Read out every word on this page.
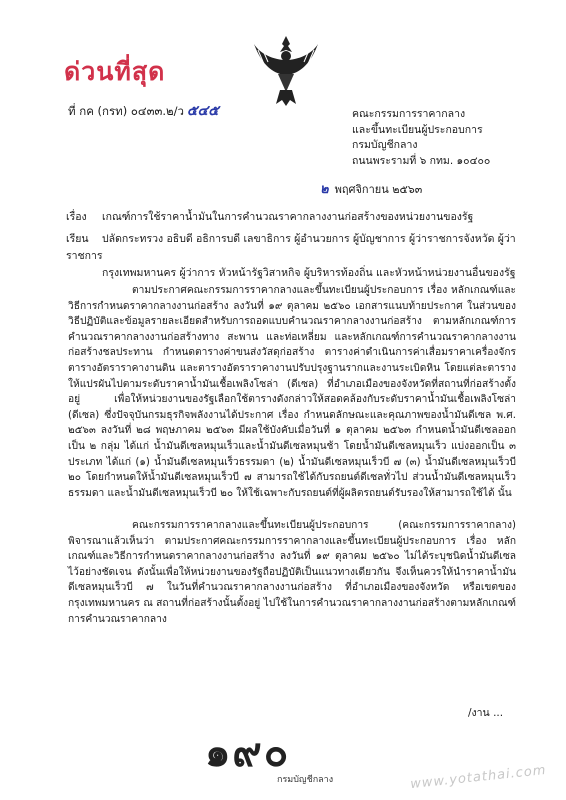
ด่วนที่สุด
ที่ กค (กรท) ๐๔๓๓.๒/ว ๕๔๕	คณะกรรมการราคากลาง
และขึ้นทะเบียนผู้ประกอบการ
กรมบัญชีกลาง
ถนนพระรามที่ ๖ กทม. ๑๐๔๐๐
๒ พฤศจิกายน ๒๕๖๓
เรื่อง เกณฑ์การใช้ราคาน้ำมันในการคำนวณราคากลางงานก่อสร้างของหน่วยงานของรัฐ
เรียน ปลัดกระทรวง อธิบดี อธิการบดี เลขาธิการ ผู้อำนวยการ ผู้บัญชาการ ผู้ว่าราชการจังหวัด ผู้ว่าราชการ
กรุงเทพมหานคร ผู้ว่าการ หัวหน้ารัฐวิสาหกิจ ผู้บริหารท้องถิ่น และหัวหน้าหน่วยงานอื่นของรัฐ

ตามประกาศคณะกรรมการราคากลางและขึ้นทะเบียนผู้ประกอบการ เรื่อง หลักเกณฑ์และวิธีการกำหนดราคากลางงานก่อสร้าง ลงวันที่ ๑๙ ตุลาคม ๒๕๖๐ เอกสารแนบท้ายประกาศ ในส่วนของวิธีปฏิบัติและข้อมูลรายละเอียดสำหรับการถอดแบบคำนวณราคากลางงานก่อสร้าง ตามหลักเกณฑ์การคำนวณราคากลางงานก่อสร้างทาง สะพาน และท่อเหลี่ยม และหลักเกณฑ์การคำนวณราคากลางงานก่อสร้างชลประทาน กำหนดตารางค่าขนส่งวัสดุก่อสร้าง ตารางค่าดำเนินการค่าเสื่อมราคาเครื่องจักร ตารางอัตราราคางานดิน และตารางอัตราราคางานปรับปรุงฐานรากและงานระเบิดหิน โดยแต่ละตารางให้แปรผันไปตามระดับราคาน้ำมันเชื้อเพลิงโซล่า (ดีเซล) ที่อำเภอเมืองของจังหวัดที่สถานที่ก่อสร้างตั้งอยู่ เพื่อให้หน่วยงานของรัฐเลือกใช้ตารางดังกล่าวให้สอดคล้องกับระดับราคาน้ำมันเชื้อเพลิงโซล่า (ดีเซล) ซึ่งปัจจุบันกรมธุรกิจพลังงานได้ประกาศ เรื่อง กำหนดลักษณะและคุณภาพของน้ำมันดีเซล พ.ศ. ๒๕๖๓ ลงวันที่ ๒๘ พฤษภาคม ๒๕๖๓ มีผลใช้บังคับเมื่อวันที่ ๑ ตุลาคม ๒๕๖๓ กำหนดน้ำมันดีเซลออกเป็น ๒ กลุ่ม ได้แก่ น้ำมันดีเซลหมุนเร็วและน้ำมันดีเซลหมุนช้า โดยน้ำมันดีเซลหมุนเร็ว แบ่งออกเป็น ๓ ประเภท ได้แก่ (๑) น้ำมันดีเซลหมุนเร็วธรรมดา (๒) น้ำมันดีเซลหมุนเร็วบี ๗ (๓) น้ำมันดีเซลหมุนเร็วบี ๒๐ โดยกำหนดให้น้ำมันดีเซลหมุนเร็วบี ๗ สามารถใช้ได้กับรถยนต์ดีเซลทั่วไป ส่วนน้ำมันดีเซลหมุนเร็วธรรมดา และน้ำมันดีเซลหมุนเร็วบี ๒๐ ให้ใช้เฉพาะกับรถยนต์ที่ผู้ผลิตรถยนต์รับรองให้สามารถใช้ได้ นั้น

คณะกรรมการราคากลางและขึ้นทะเบียนผู้ประกอบการ (คณะกรรมการราคากลาง) พิจารณาแล้วเห็นว่า ตามประกาศคณะกรรมการราคากลางและขึ้นทะเบียนผู้ประกอบการ เรื่อง หลักเกณฑ์และวิธีการกำหนดราคากลางงานก่อสร้าง ลงวันที่ ๑๙ ตุลาคม ๒๕๖๐ ไม่ได้ระบุชนิดน้ำมันดีเซลไว้อย่างชัดเจน ดังนั้นเพื่อให้หน่วยงานของรัฐถือปฏิบัติเป็นแนวทางเดียวกัน จึงเห็นควรให้นำราคาน้ำมันดีเซลหมุนเร็วบี ๗ ในวันที่คำนวณราคากลางงานก่อสร้าง ที่อำเภอเมืองของจังหวัด หรือเขตของกรุงเทพมหานคร ณ สถานที่ก่อสร้างนั้นตั้งอยู่ ไปใช้ในการคำนวณราคากลางงานก่อสร้างตามหลักเกณฑ์การคำนวณราคากลาง

/งาน ...
๑๙๐
กรมบัญชีกลาง	www.yotathai.com
